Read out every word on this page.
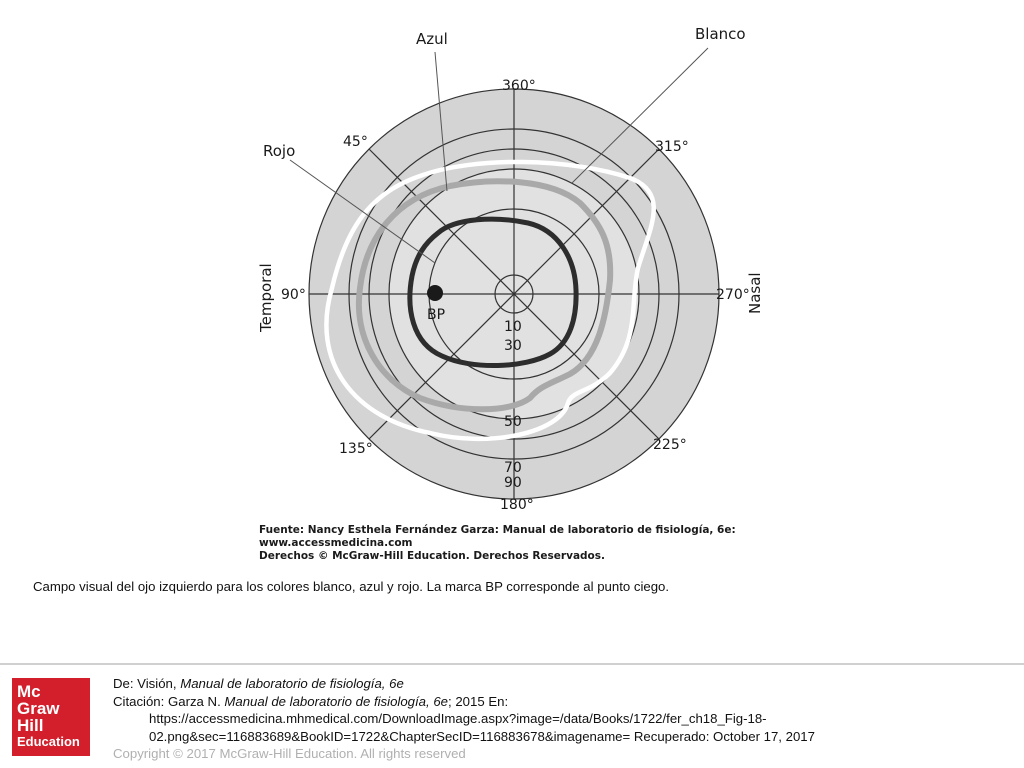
Azul	Blanco
Rojo
360°
45°	315°
90°	270°
135°	225°
180°
Temporal	Nasal
BP
10
30
50
70
90
Fuente: Nancy Esthela Fernández Garza: Manual de laboratorio de fisiología, 6e:
www.accessmedicina.com
Derechos © McGraw-Hill Education. Derechos Reservados.
Campo visual del ojo izquierdo para los colores blanco, azul y rojo. La marca BP corresponde al punto ciego.
Mc
Graw
Hill
Education
De: Visión, Manual de laboratorio de fisiología, 6e
Citación: Garza N. Manual de laboratorio de fisiología, 6e; 2015 En:
https://accessmedicina.mhmedical.com/DownloadImage.aspx?image=/data/Books/1722/fer_ch18_Fig-18-
02.png&sec=116883689&BookID=1722&ChapterSecID=116883678&imagename= Recuperado: October 17, 2017
Copyright © 2017 McGraw-Hill Education. All rights reserved
